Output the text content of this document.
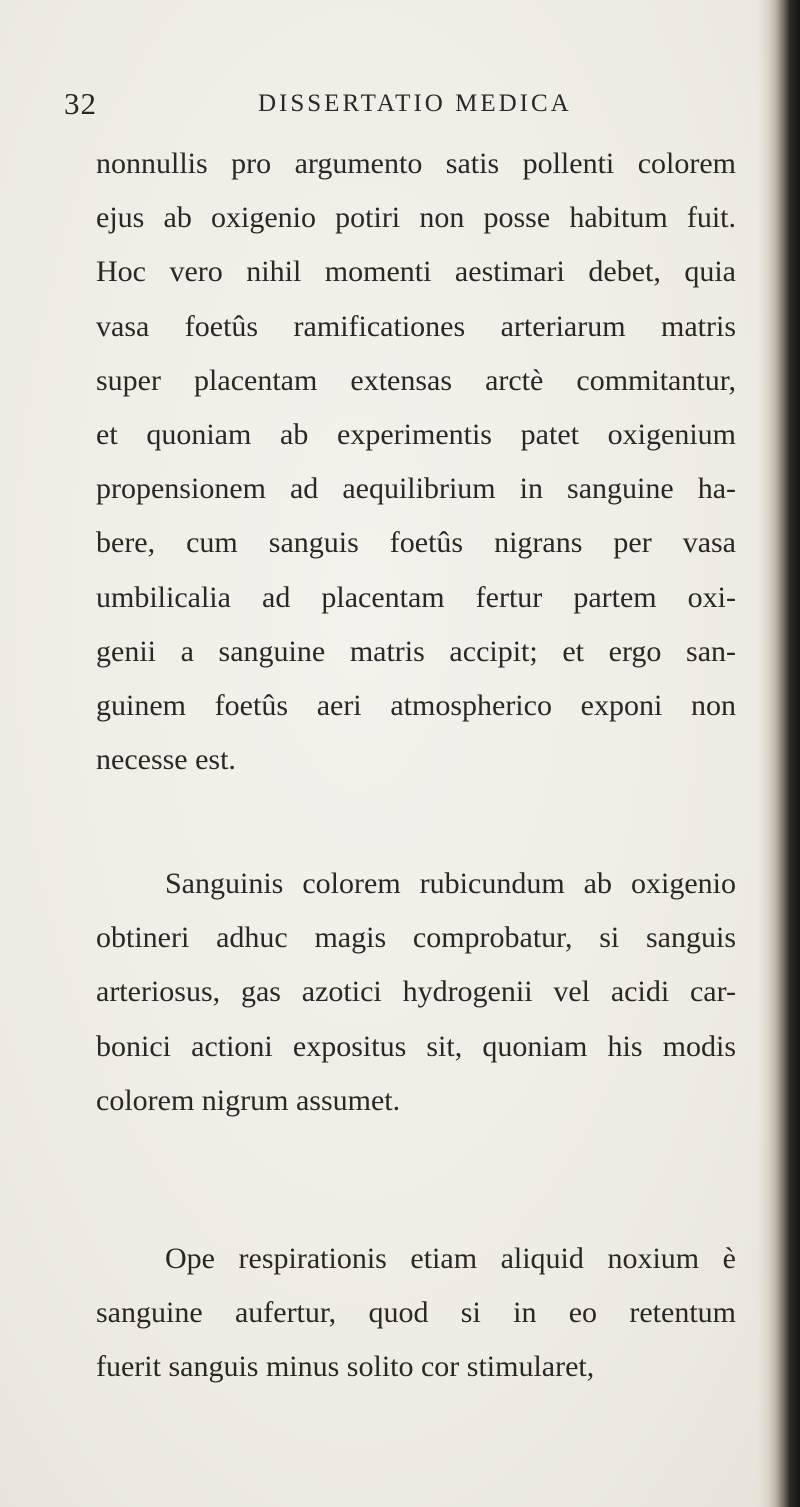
32	DISSERTATIO MEDICA
nonnullis pro argumento satis pollenti colorem
ejus ab oxigenio potiri non posse habitum fuit.
Hoc vero nihil momenti aestimari debet, quia
vasa foetûs ramificationes arteriarum matris
super placentam extensas arctè commitantur,
et quoniam ab experimentis patet oxigenium
propensionem ad aequilibrium in sanguine ha-
bere, cum sanguis foetûs nigrans per vasa
umbilicalia ad placentam fertur partem oxi-
genii a sanguine matris accipit; et ergo san-
guinem foetûs aeri atmospherico exponi non
necesse est.
Sanguinis colorem rubicundum ab oxigenio
obtineri adhuc magis comprobatur, si sanguis
arteriosus, gas azotici hydrogenii vel acidi car-
bonici actioni expositus sit, quoniam his modis
colorem nigrum assumet.
Ope respirationis etiam aliquid noxium è
sanguine aufertur, quod si in eo retentum
fuerit sanguis minus solito cor stimularet,
